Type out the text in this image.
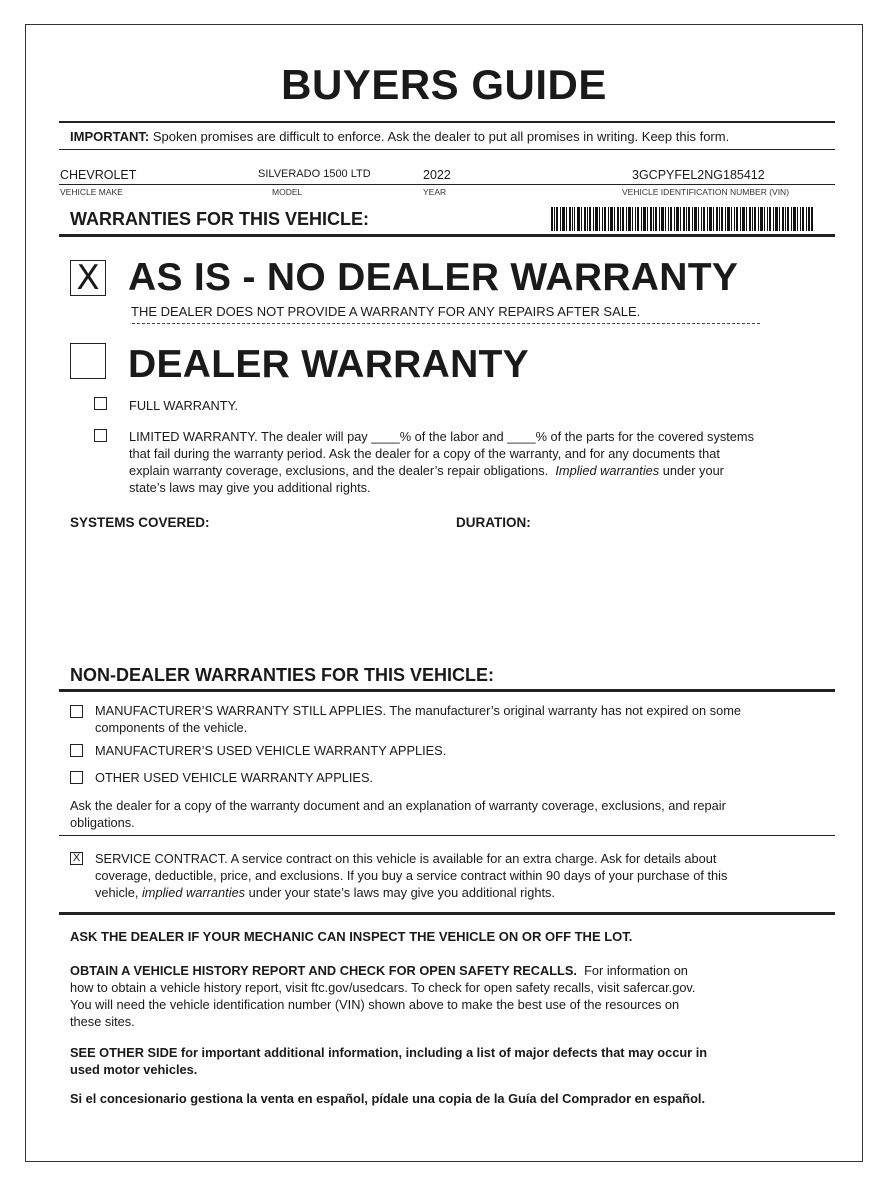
BUYERS GUIDE
IMPORTANT: Spoken promises are difficult to enforce. Ask the dealer to put all promises in writing. Keep this form.
CHEVROLET	SILVERADO 1500 LTD	2022	3GCPYFEL2NG185412
VEHICLE MAKE	MODEL	YEAR	VEHICLE IDENTIFICATION NUMBER (VIN)
WARRANTIES FOR THIS VEHICLE:
X AS IS - NO DEALER WARRANTY
THE DEALER DOES NOT PROVIDE A WARRANTY FOR ANY REPAIRS AFTER SALE.
DEALER WARRANTY
FULL WARRANTY.
LIMITED WARRANTY. The dealer will pay ____% of the labor and ____% of the parts for the covered systems
that fail during the warranty period. Ask the dealer for a copy of the warranty, and for any documents that
explain warranty coverage, exclusions, and the dealer’s repair obligations. Implied warranties under your
state’s laws may give you additional rights.
SYSTEMS COVERED:	DURATION:
NON-DEALER WARRANTIES FOR THIS VEHICLE:
MANUFACTURER’S WARRANTY STILL APPLIES. The manufacturer’s original warranty has not expired on some
components of the vehicle.
MANUFACTURER’S USED VEHICLE WARRANTY APPLIES.
OTHER USED VEHICLE WARRANTY APPLIES.
Ask the dealer for a copy of the warranty document and an explanation of warranty coverage, exclusions, and repair
obligations.
X SERVICE CONTRACT. A service contract on this vehicle is available for an extra charge. Ask for details about
coverage, deductible, price, and exclusions. If you buy a service contract within 90 days of your purchase of this
vehicle, implied warranties under your state’s laws may give you additional rights.
ASK THE DEALER IF YOUR MECHANIC CAN INSPECT THE VEHICLE ON OR OFF THE LOT.
OBTAIN A VEHICLE HISTORY REPORT AND CHECK FOR OPEN SAFETY RECALLS. For information on
how to obtain a vehicle history report, visit ftc.gov/usedcars. To check for open safety recalls, visit safercar.gov.
You will need the vehicle identification number (VIN) shown above to make the best use of the resources on
these sites.
SEE OTHER SIDE for important additional information, including a list of major defects that may occur in
used motor vehicles.
Si el concesionario gestiona la venta en español, pídale una copia de la Guía del Comprador en español.
